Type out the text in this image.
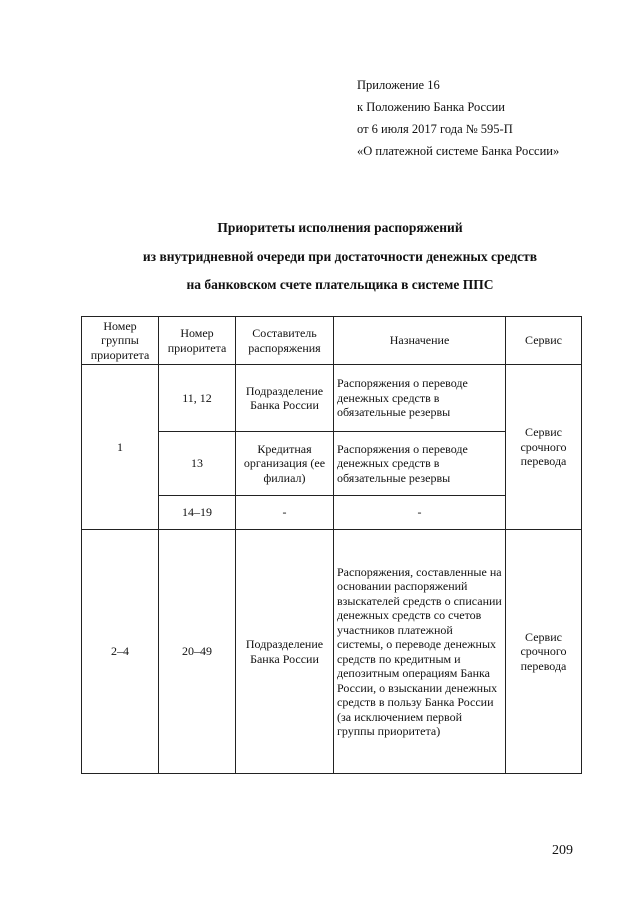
Приложение 16
к Положению Банка России
от 6 июля 2017 года № 595-П
«О платежной системе Банка России»
Приоритеты исполнения распоряжений
из внутридневной очереди при достаточности денежных средств
на банковском счете плательщика в системе ППС
Номер группы приоритета	Номер приоритета	Составитель распоряжения	Назначение	Сервис
1	11, 12	Подразделение Банка России	Распоряжения о переводе денежных средств в обязательные резервы	Сервис срочного перевода
	13	Кредитная организация (ее филиал)	Распоряжения о переводе денежных средств в обязательные резервы	
	14–19	-	-	
2–4	20–49	Подразделение Банка России	Распоряжения, составленные на основании распоряжений взыскателей средств о списании денежных средств со счетов участников платежной системы, о переводе денежных средств по кредитным и депозитным операциям Банка России, о взыскании денежных средств в пользу Банка России (за исключением первой группы приоритета)	Сервис срочного перевода
209
